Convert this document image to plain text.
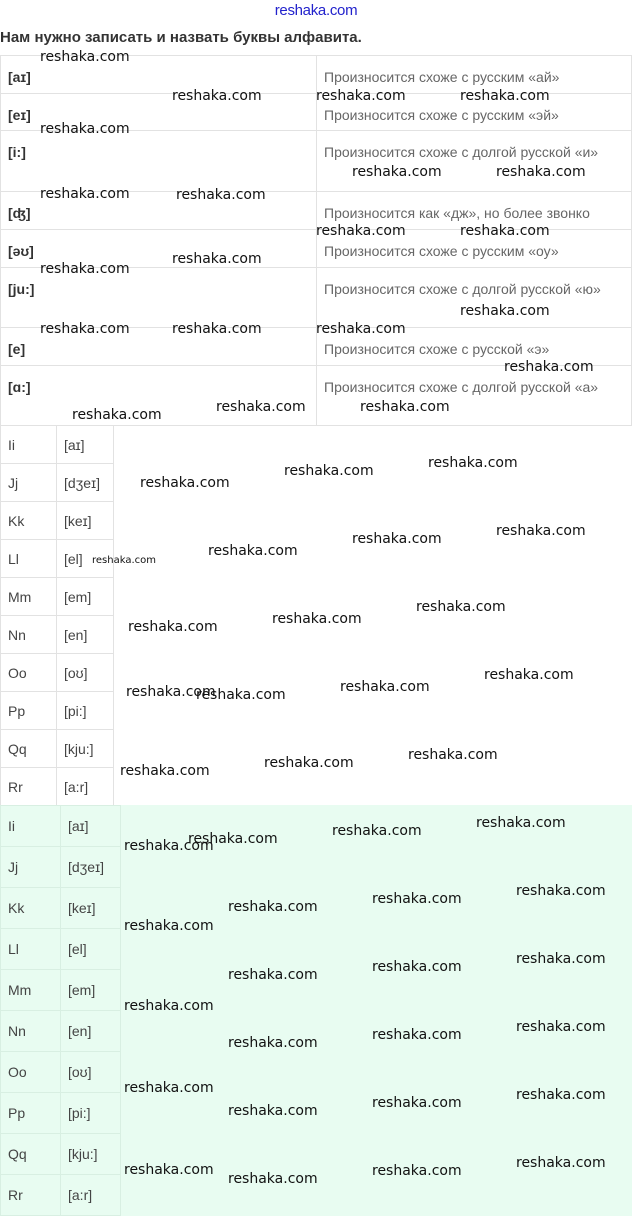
reshaka.com
Нам нужно записать и назвать буквы алфавита.
[aɪ]	Произносится схоже с русским «ай»
[eɪ]	Произносится схоже с русским «эй»
[i:]	Произносится схоже с долгой русской «и»
[ʤ]	Произносится как «дж», но более звонко
[əʊ]	Произносится схоже с русским «оу»
[ju:]	Произносится схоже с долгой русской «ю»
[e]	Произносится схоже с русской «э»
[ɑ:]	Произносится схоже с долгой русской «а»
Ii	[aɪ]
Jj	[dʒeɪ]
Kk	[keɪ]
Ll	[el]
Mm	[em]
Nn	[en]
Oo	[oʊ]
Pp	[pi:]
Qq	[kju:]
Rr	[a:r]
Ii	[aɪ]
Jj	[dʒeɪ]
Kk	[keɪ]
Ll	[el]
Mm	[em]
Nn	[en]
Oo	[oʊ]
Pp	[pi:]
Qq	[kju:]
Rr	[a:r]
reshaka.com
reshaka.com	reshaka.com	reshaka.com
reshaka.com
reshaka.com
reshaka.com	reshaka.com
reshaka.com
reshaka.com	reshaka.com
reshaka.com
reshaka.com
reshaka.com
reshaka.com
reshaka.com
reshaka.com
reshaka.com
reshaka.com
reshaka.com
reshaka.com
reshaka.com	reshaka.com
reshaka.com
reshaka.com
reshaka.com
reshaka.com
reshaka.com
reshaka.com
reshaka.com
reshaka.com
reshaka.com
reshaka.com
reshaka.com
reshaka.com
reshaka.com
reshaka.com
reshaka.com
reshaka.com
reshaka.com
reshaka.com
reshaka.com
reshaka.com
reshaka.com
reshaka.com
reshaka.com
reshaka.com
reshaka.com
reshaka.com
reshaka.com
reshaka.com
reshaka.com
reshaka.com
reshaka.com	reshaka.com
reshaka.com
reshaka.com
reshaka.com	reshaka.com
reshaka.com
reshaka.com
